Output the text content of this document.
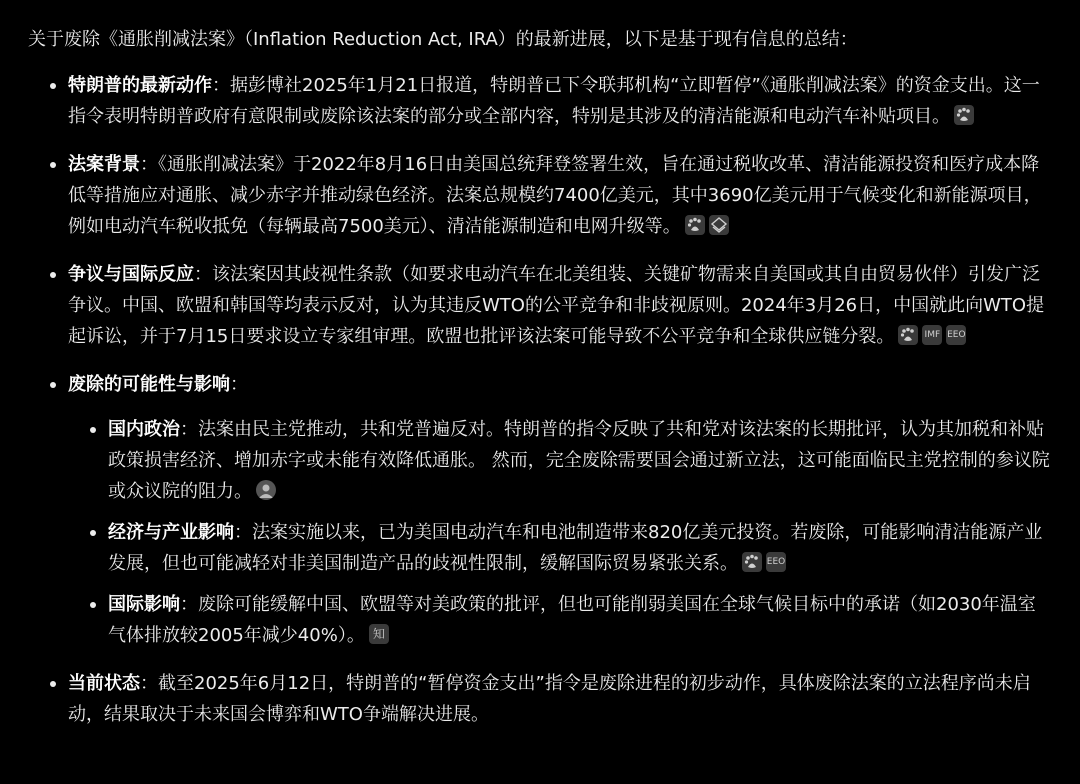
关于废除《通胀削减法案》（Inflation Reduction Act, IRA）的最新进展，以下是基于现有信息的总结：

特朗普的最新动作：据彭博社2025年1月21日报道，特朗普已下令联邦机构“立即暂停”《通胀削减法案》的资金支出。这一指令表明特朗普政府有意限制或废除该法案的部分或全部内容，特别是其涉及的清洁能源和电动汽车补贴项目。
法案背景：《通胀削减法案》于2022年8月16日由美国总统拜登签署生效，旨在通过税收改革、清洁能源投资和医疗成本降低等措施应对通胀、减少赤字并推动绿色经济。法案总规模约7400亿美元，其中3690亿美元用于气候变化和新能源项目，例如电动汽车税收抵免（每辆最高7500美元）、清洁能源制造和电网升级等。
争议与国际反应：该法案因其歧视性条款（如要求电动汽车在北美组装、关键矿物需来自美国或其自由贸易伙伴）引发广泛争议。中国、欧盟和韩国等均表示反对，认为其违反WTO的公平竞争和非歧视原则。2024年3月26日，中国就此向WTO提起诉讼，并于7月15日要求设立专家组审理。欧盟也批评该法案可能导致不公平竞争和全球供应链分裂。	IMF EEO
废除的可能性与影响：
国内政治：法案由民主党推动，共和党普遍反对。特朗普的指令反映了共和党对该法案的长期批评，认为其加税和补贴政策损害经济、增加赤字或未能有效降低通胀。 然而，完全废除需要国会通过新立法，这可能面临民主党控制的参议院或众议院的阻力。
经济与产业影响：法案实施以来，已为美国电动汽车和电池制造带来820亿美元投资。若废除，可能影响清洁能源产业发展，但也可能减轻对非美国制造产品的歧视性限制，缓解国际贸易紧张关系。	EEO
国际影响：废除可能缓解中国、欧盟等对美政策的批评，但也可能削弱美国在全球气候目标中的承诺（如2030年温室气体排放较2005年减少40%）。 知
当前状态：截至2025年6月12日，特朗普的“暂停资金支出”指令是废除进程的初步动作，具体废除法案的立法程序尚未启动，结果取决于未来国会博弈和WTO争端解决进展。
